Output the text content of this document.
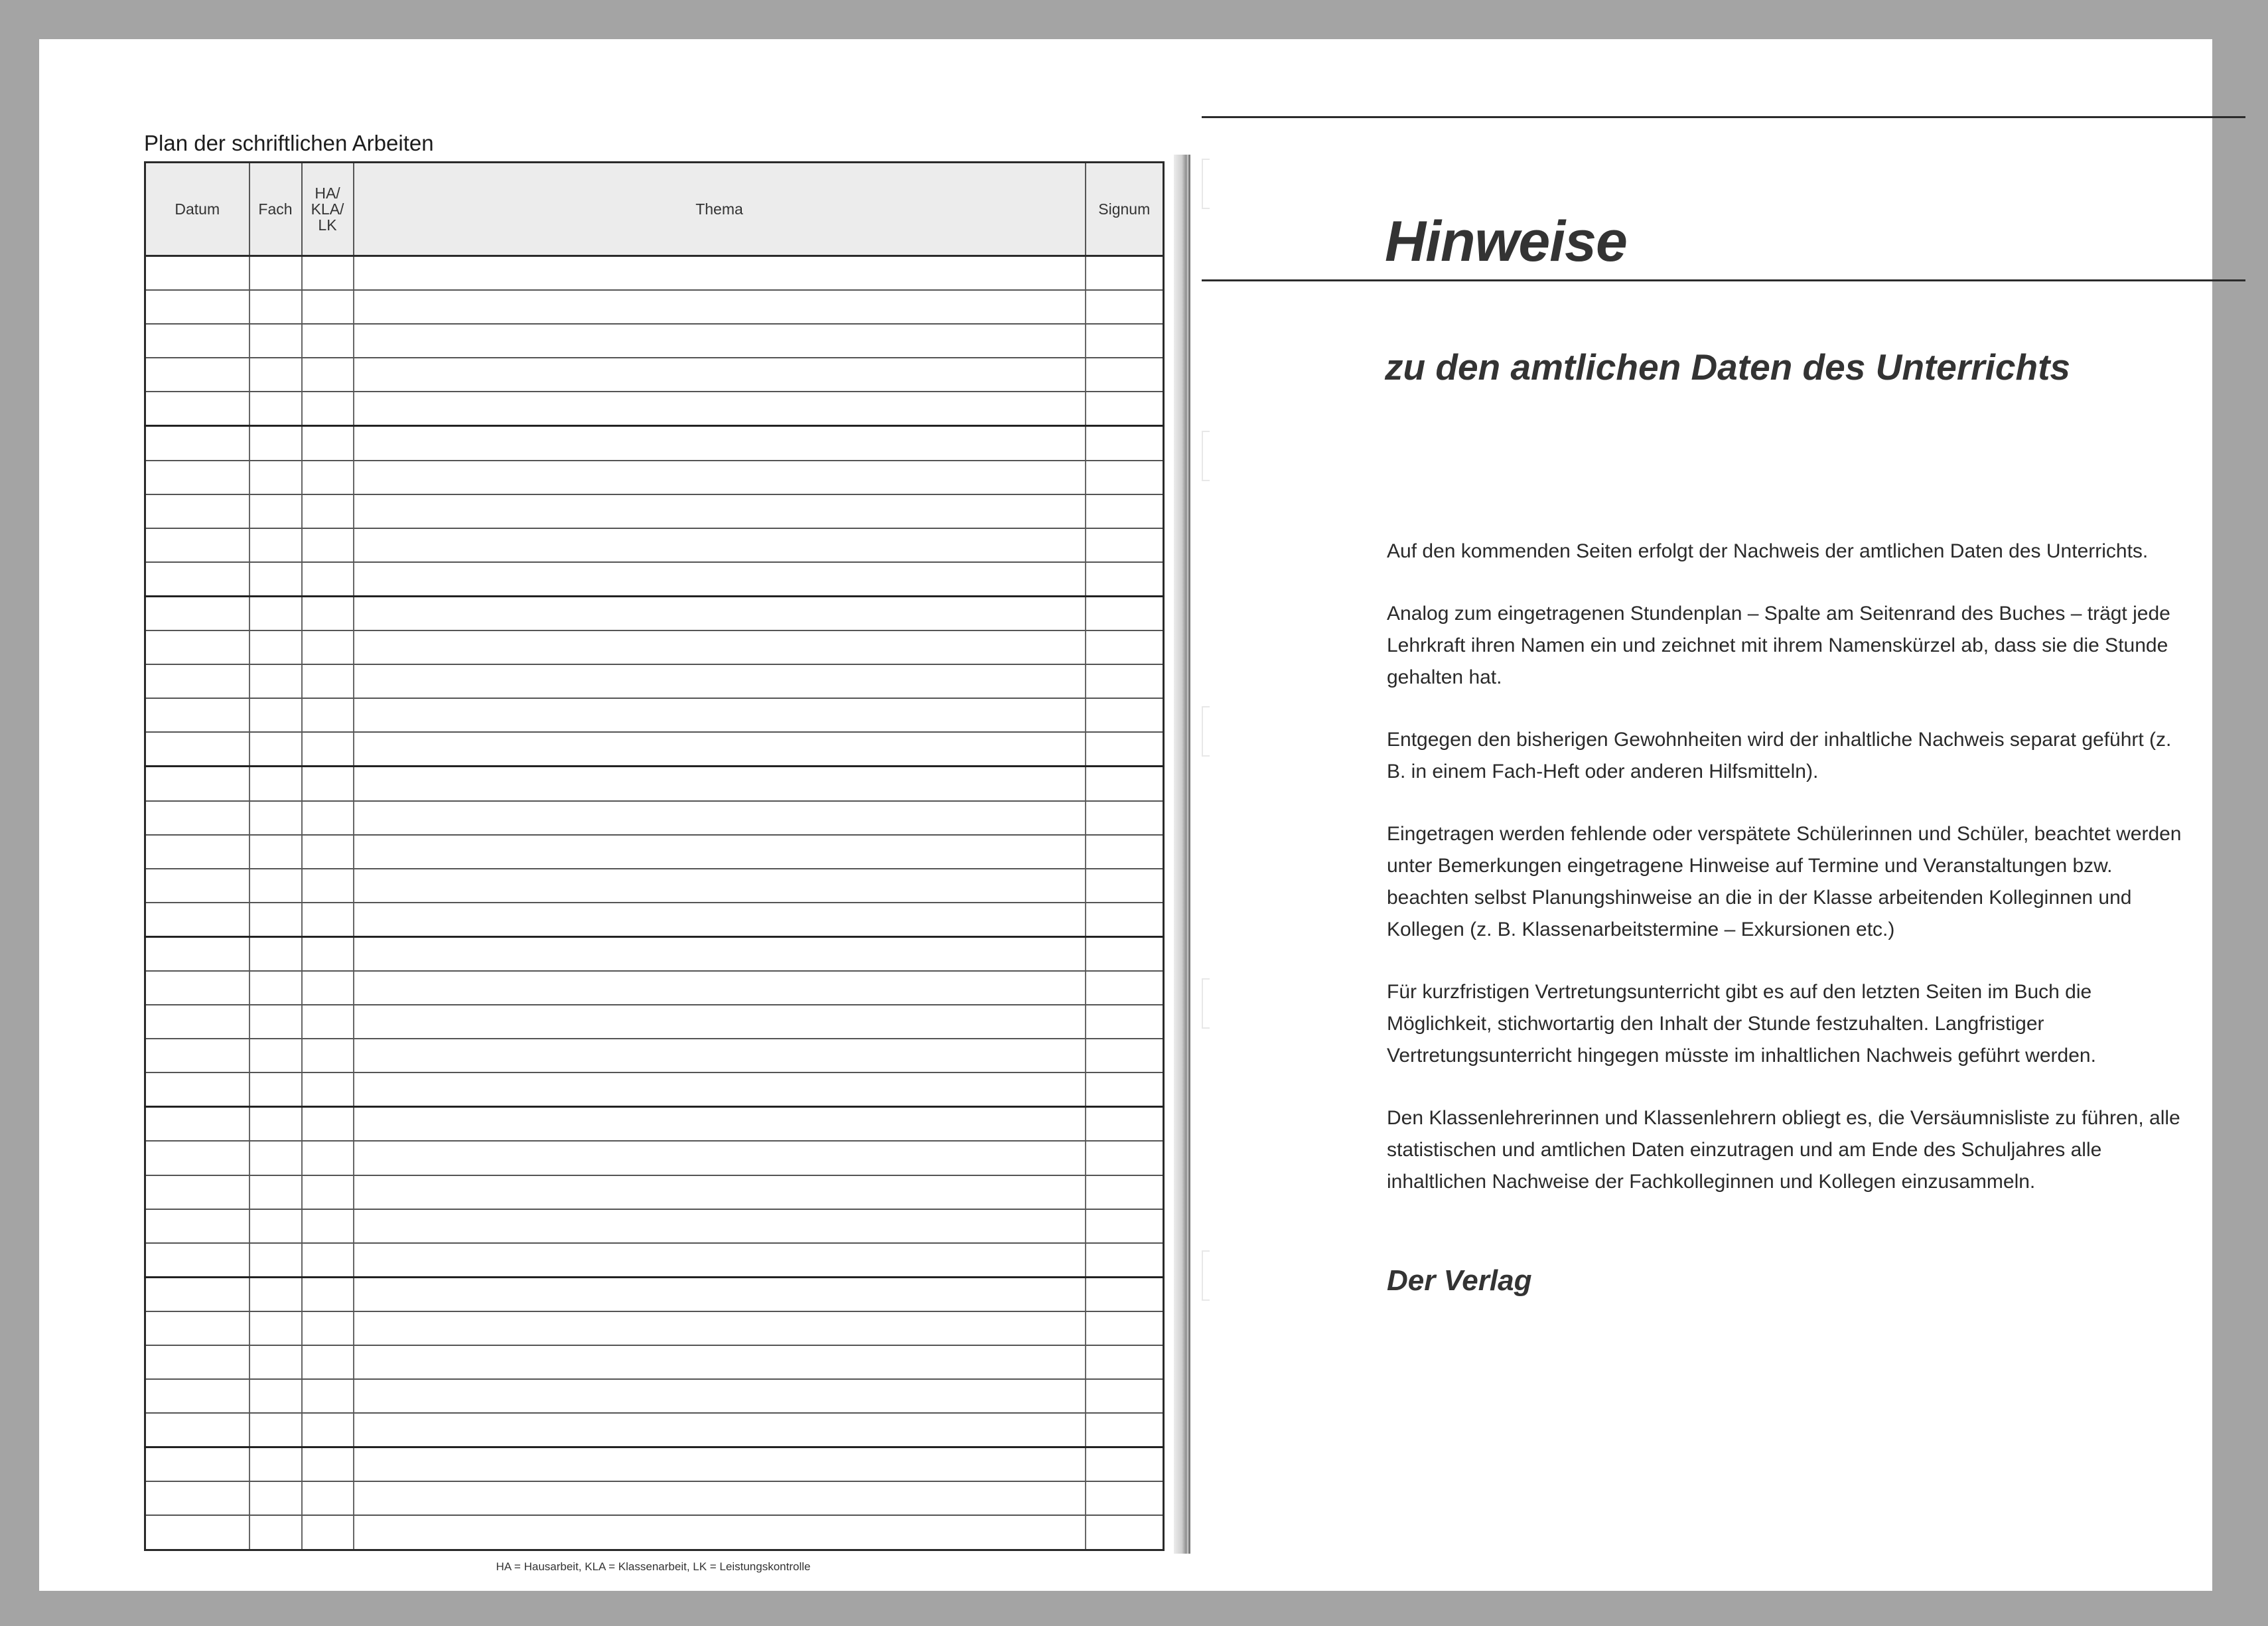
Plan der schriftlichen Arbeiten
Datum	Fach	HA/
KLA/
LK	Thema	Signum

HA = Hausarbeit, KLA = Klassenarbeit, LK = Leistungskontrolle

Hinweise
zu den amtlichen Daten des Unterrichts

Auf den kommenden Seiten erfolgt der Nachweis der amtlichen Daten des Unterrichts.

Analog zum eingetragenen Stundenplan – Spalte am Seitenrand des Buches – trägt jede Lehrkraft ihren Namen ein und zeichnet mit ihrem Namenskürzel ab, dass sie die Stunde gehalten hat.

Entgegen den bisherigen Gewohnheiten wird der inhaltliche Nachweis separat geführt (z. B. in einem Fach-Heft oder anderen Hilfsmitteln).

Eingetragen werden fehlende oder verspätete Schülerinnen und Schüler, beachtet werden unter Bemerkungen eingetragene Hinweise auf Termine und Veranstaltungen bzw. beachten selbst Planungshinweise an die in der Klasse arbeitenden Kolleginnen und Kollegen (z. B. Klassenarbeitstermine – Exkursionen etc.)

Für kurzfristigen Vertretungsunterricht gibt es auf den letzten Seiten im Buch die Möglichkeit, stichwortartig den Inhalt der Stunde festzuhalten. Langfristiger Vertretungsunterricht hingegen müsste im inhaltlichen Nachweis geführt werden.

Den Klassenlehrerinnen und Klassenlehrern obliegt es, die Versäumnisliste zu führen, alle statistischen und amtlichen Daten einzutragen und am Ende des Schuljahres alle inhaltlichen Nachweise der Fachkolleginnen und Kollegen einzusammeln.

Der Verlag
